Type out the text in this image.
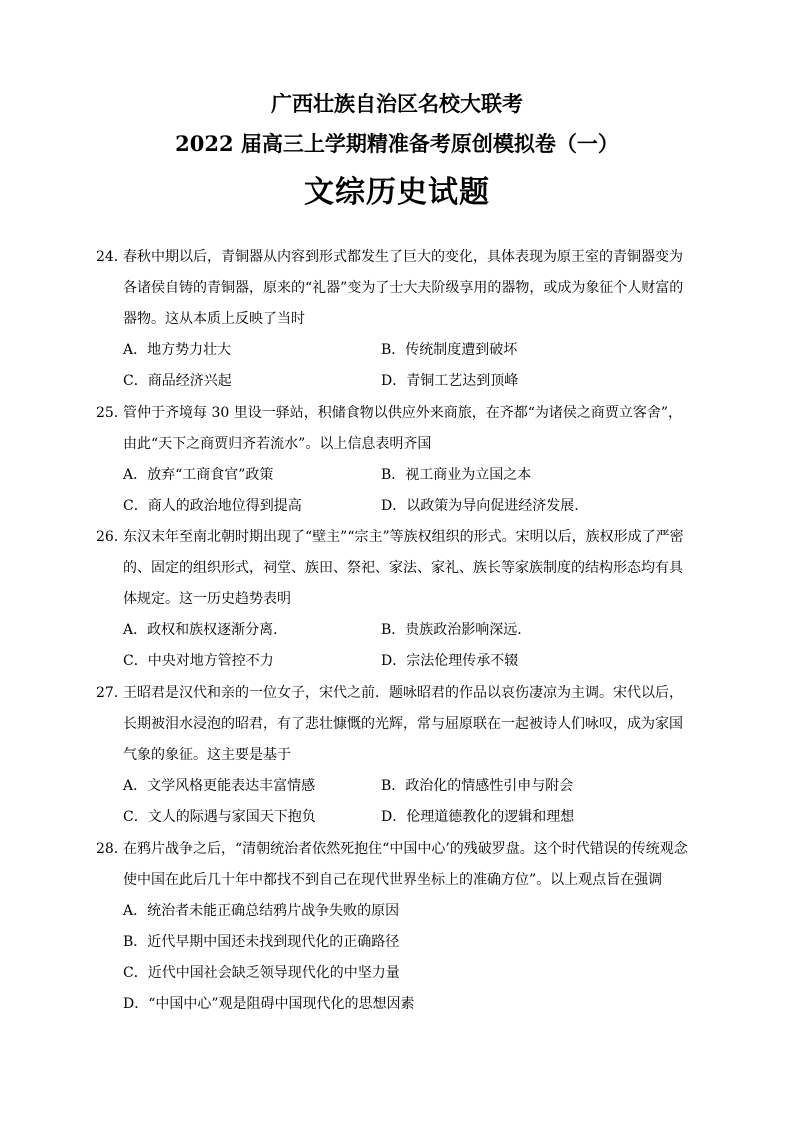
广西壮族自治区名校大联考
2022 届高三上学期精准备考原创模拟卷（一）
文综历史试题

24．
春秋中期以后，青铜器从内容到形式都发生了巨大的变化，具体表现为原王室的青铜器变为各诸侯自铸的青铜器，原来的“礼器”变为了士大夫阶级享用的器物，或成为象征个人财富的器物。这从本质上反映了当时

A．地方势力壮大	B．传统制度遭到破坏
C．商品经济兴起	D．青铜工艺达到顶峰

25．
管仲于齐境每 30 里设一驿站，积储食物以供应外来商旅，在齐都“为诸侯之商贾立客舍”，由此“天下之商贾归齐若流水”。以上信息表明齐国

A．放弃“工商食官”政策	B．视工商业为立国之本
C．商人的政治地位得到提高	D．以政策为导向促进经济发展.

26．
东汉末年至南北朝时期出现了“壁主”“宗主”等族权组织的形式。宋明以后，族权形成了严密的、固定的组织形式，祠堂、族田、祭祀、家法、家礼、族长等家族制度的结构形态均有具体规定。这一历史趋势表明

A．政权和族权逐渐分离.	B．贵族政治影响深远.
C．中央对地方管控不力	D．宗法伦理传承不辍

27．
王昭君是汉代和亲的一位女子，宋代之前．题咏昭君的作品以哀伤凄凉为主调。宋代以后，长期被泪水浸泡的昭君，有了悲壮慷慨的光辉，常与屈原联在一起被诗人们咏叹，成为家国气象的象征。这主要是基于

A．文学风格更能表达丰富情感	B．政治化的情感性引申与附会
C．文人的际遇与家国天下抱负	D．伦理道德教化的逻辑和理想

28．
在鸦片战争之后，“清朝统治者依然死抱住“中国中心’的残破罗盘。这个时代错误的传统观念使中国在此后几十年中都找不到自己在现代世界坐标上的准确方位”。以上观点旨在强调

A．统治者未能正确总结鸦片战争失败的原因
B．近代早期中国还未找到现代化的正确路径
C．近代中国社会缺乏领导现代化的中坚力量
D．“中国中心”观是阻碍中国现代化的思想因素
